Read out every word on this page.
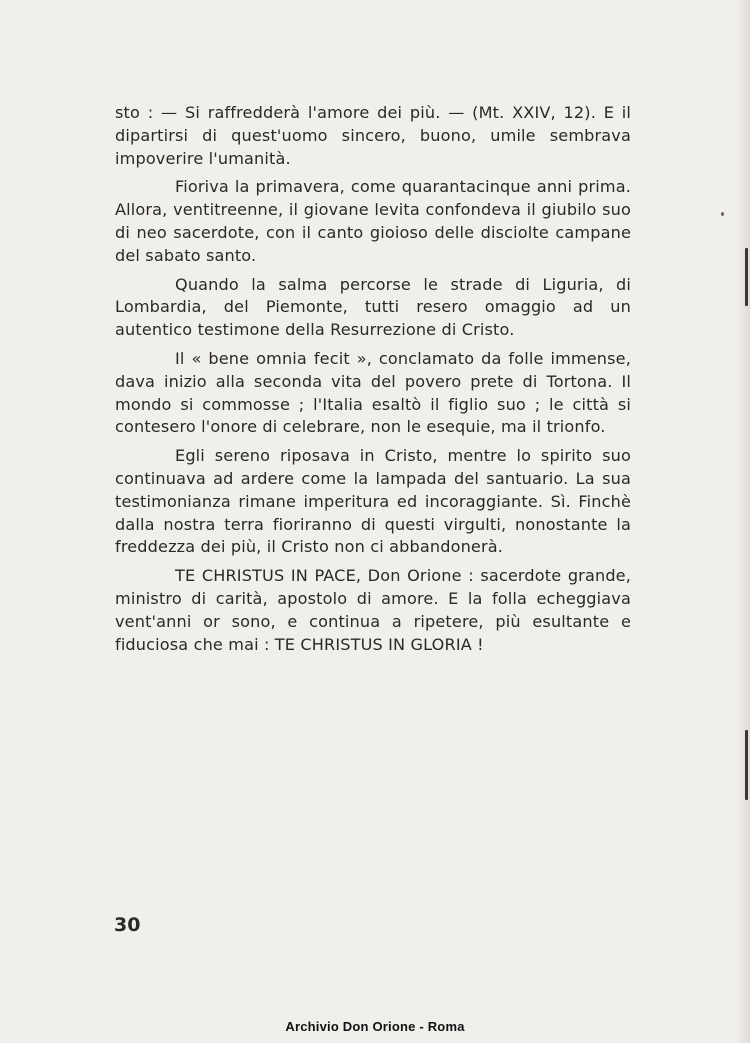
sto : — Si raffredderà l'amore dei più. — (Mt. XXIV, 12). E il dipartirsi di quest'uomo sincero, buono, umile sembrava impoverire l'umanità.

Fioriva la primavera, come quarantacinque anni prima. Allora, ventitreenne, il giovane levita confondeva il giubilo suo di neo sacerdote, con il canto gioioso delle disciolte campane del sabato santo.

Quando la salma percorse le strade di Liguria, di Lombardia, del Piemonte, tutti resero omaggio ad un autentico testimone della Resurrezione di Cristo.

Il « bene omnia fecit », conclamato da folle immense, dava inizio alla seconda vita del povero prete di Tortona. Il mondo si commosse ; l'Italia esaltò il figlio suo ; le città si contesero l'onore di celebrare, non le esequie, ma il trionfo.

Egli sereno riposava in Cristo, mentre lo spirito suo continuava ad ardere come la lampada del santuario. La sua testimonianza rimane imperitura ed incoraggiante. Sì. Finchè dalla nostra terra fioriranno di questi virgulti, nonostante la freddezza dei più, il Cristo non ci abbandonerà.

TE CHRISTUS IN PACE, Don Orione : sacerdote grande, ministro di carità, apostolo di amore. E la folla echeggiava vent'anni or sono, e continua a ripetere, più esultante e fiduciosa che mai : TE CHRISTUS IN GLORIA !

30
Archivio Don Orione - Roma
